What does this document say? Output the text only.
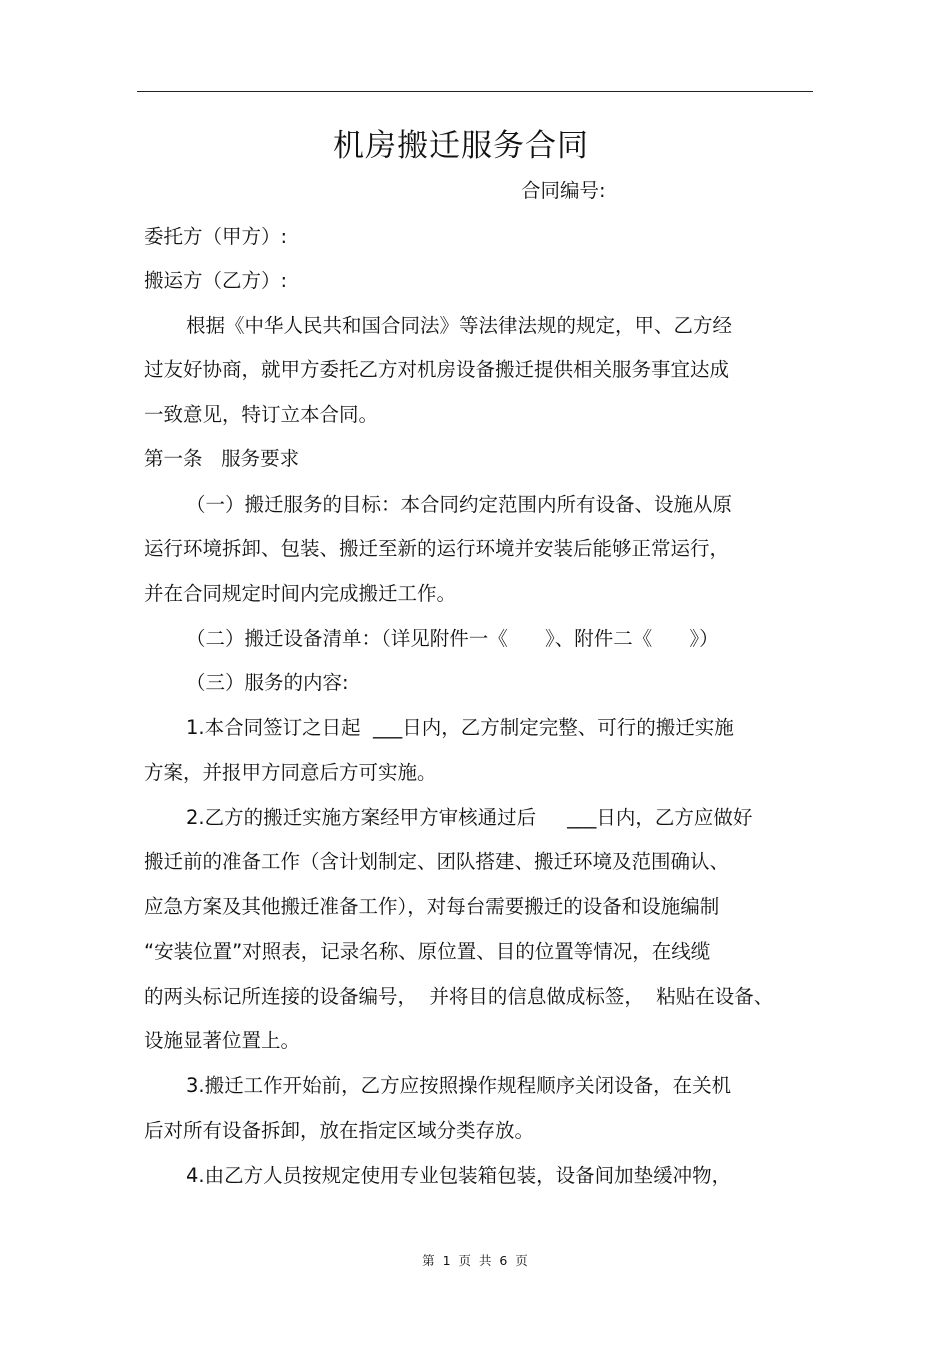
机房搬迁服务合同
合同编号:
委托方（甲方）:
搬运方（乙方）:
根据《中华人民共和国合同法》等法律法规的规定，甲、乙方经
过友好协商，就甲方委托乙方对机房设备搬迁提供相关服务事宜达成
一致意见，特订立本合同。
第一条   服务要求
（一）搬迁服务的目标：本合同约定范围内所有设备、设施从原
运行环境拆卸、包装、搬迁至新的运行环境并安装后能够正常运行，
并在合同规定时间内完成搬迁工作。
（二）搬迁设备清单：（详见附件一《      》、附件二《      》）
（三）服务的内容:
1.本合同签订之日起  ___日内，乙方制定完整、可行的搬迁实施
方案，并报甲方同意后方可实施。
2.乙方的搬迁实施方案经甲方审核通过后     ___日内，乙方应做好
搬迁前的准备工作（含计划制定、团队搭建、搬迁环境及范围确认、
应急方案及其他搬迁准备工作），对每台需要搬迁的设备和设施编制
“安装位置”对照表，记录名称、原位置、目的位置等情况，在线缆
的两头标记所连接的设备编号，  并将目的信息做成标签，  粘贴在设备、
设施显著位置上。
3.搬迁工作开始前，乙方应按照操作规程顺序关闭设备，在关机
后对所有设备拆卸，放在指定区域分类存放。
4.由乙方人员按规定使用专业包装箱包装，设备间加垫缓冲物，
第  1  页  共  6  页
